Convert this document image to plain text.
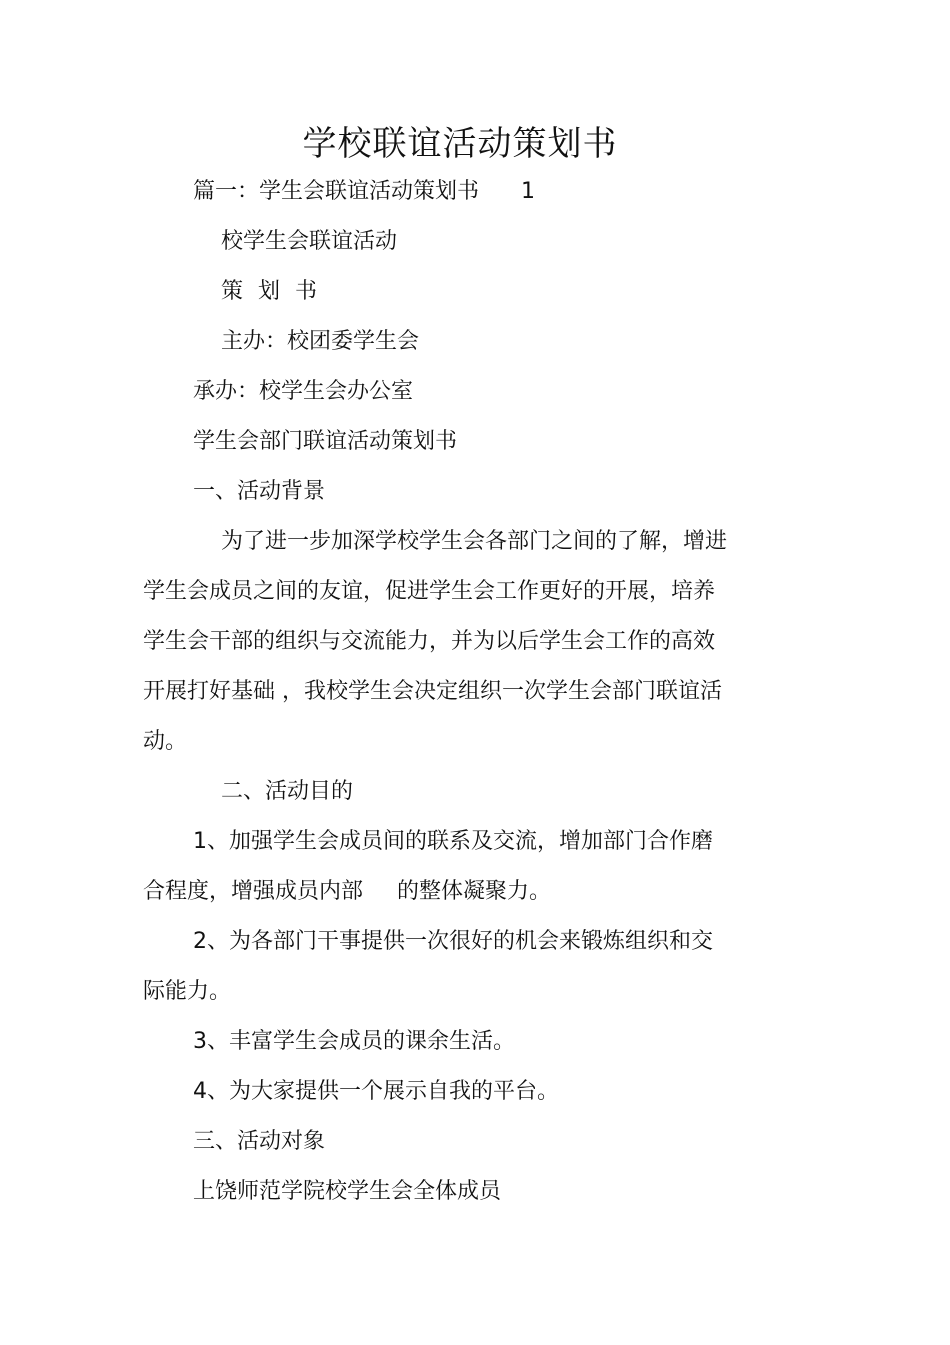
学校联谊活动策划书
篇一：学生会联谊活动策划书 1
校学生会联谊活动
策 划 书
主办：校团委学生会
承办：校学生会办公室
学生会部门联谊活动策划书
一、活动背景
为了进一步加深学校学生会各部门之间的了解，增进
学生会成员之间的友谊，促进学生会工作更好的开展，培养
学生会干部的组织与交流能力，并为以后学生会工作的高效
开展打好基础 ，我校学生会决定组织一次学生会部门联谊活
动。
二、活动目的
1、加强学生会成员间的联系及交流，增加部门合作磨
合程度，增强成员内部 的整体凝聚力。
2、为各部门干事提供一次很好的机会来锻炼组织和交
际能力。
3、丰富学生会成员的课余生活。
4、为大家提供一个展示自我的平台。
三、活动对象
上饶师范学院校学生会全体成员
